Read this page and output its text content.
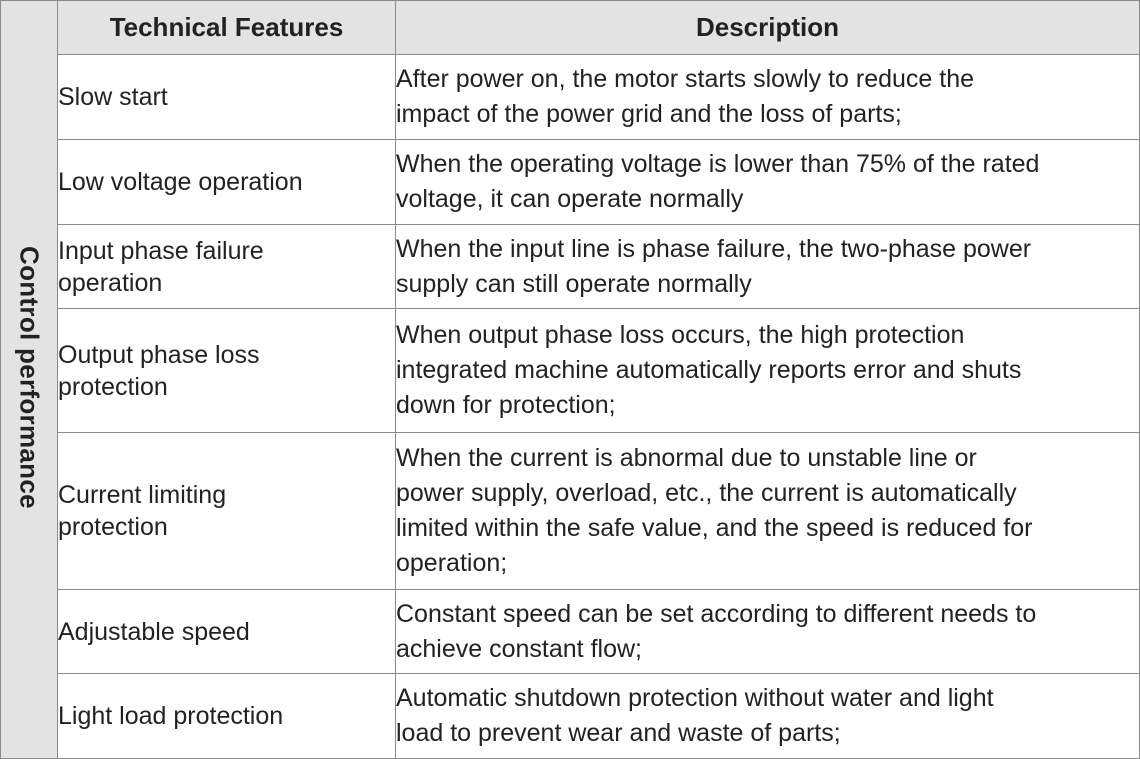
Control performance	Technical Features	Description
	Slow start	After power on, the motor starts slowly to reduce the
impact of the power grid and the loss of parts;

	Low voltage operation	When the operating voltage is lower than 75% of the rated
voltage, it can operate normally

	Input phase failure
operation	When the input line is phase failure, the two-phase power
supply can still operate normally

	Output phase loss
protection	When output phase loss occurs, the high protection
integrated machine automatically reports error and shuts
down for protection;

	Current limiting
protection	When the current is abnormal due to unstable line or
power supply, overload, etc., the current is automatically
limited within the safe value, and the speed is reduced for
operation;

	Adjustable speed	Constant speed can be set according to different needs to
achieve constant flow;

	Light load protection	Automatic shutdown protection without water and light
load to prevent wear and waste of parts;
